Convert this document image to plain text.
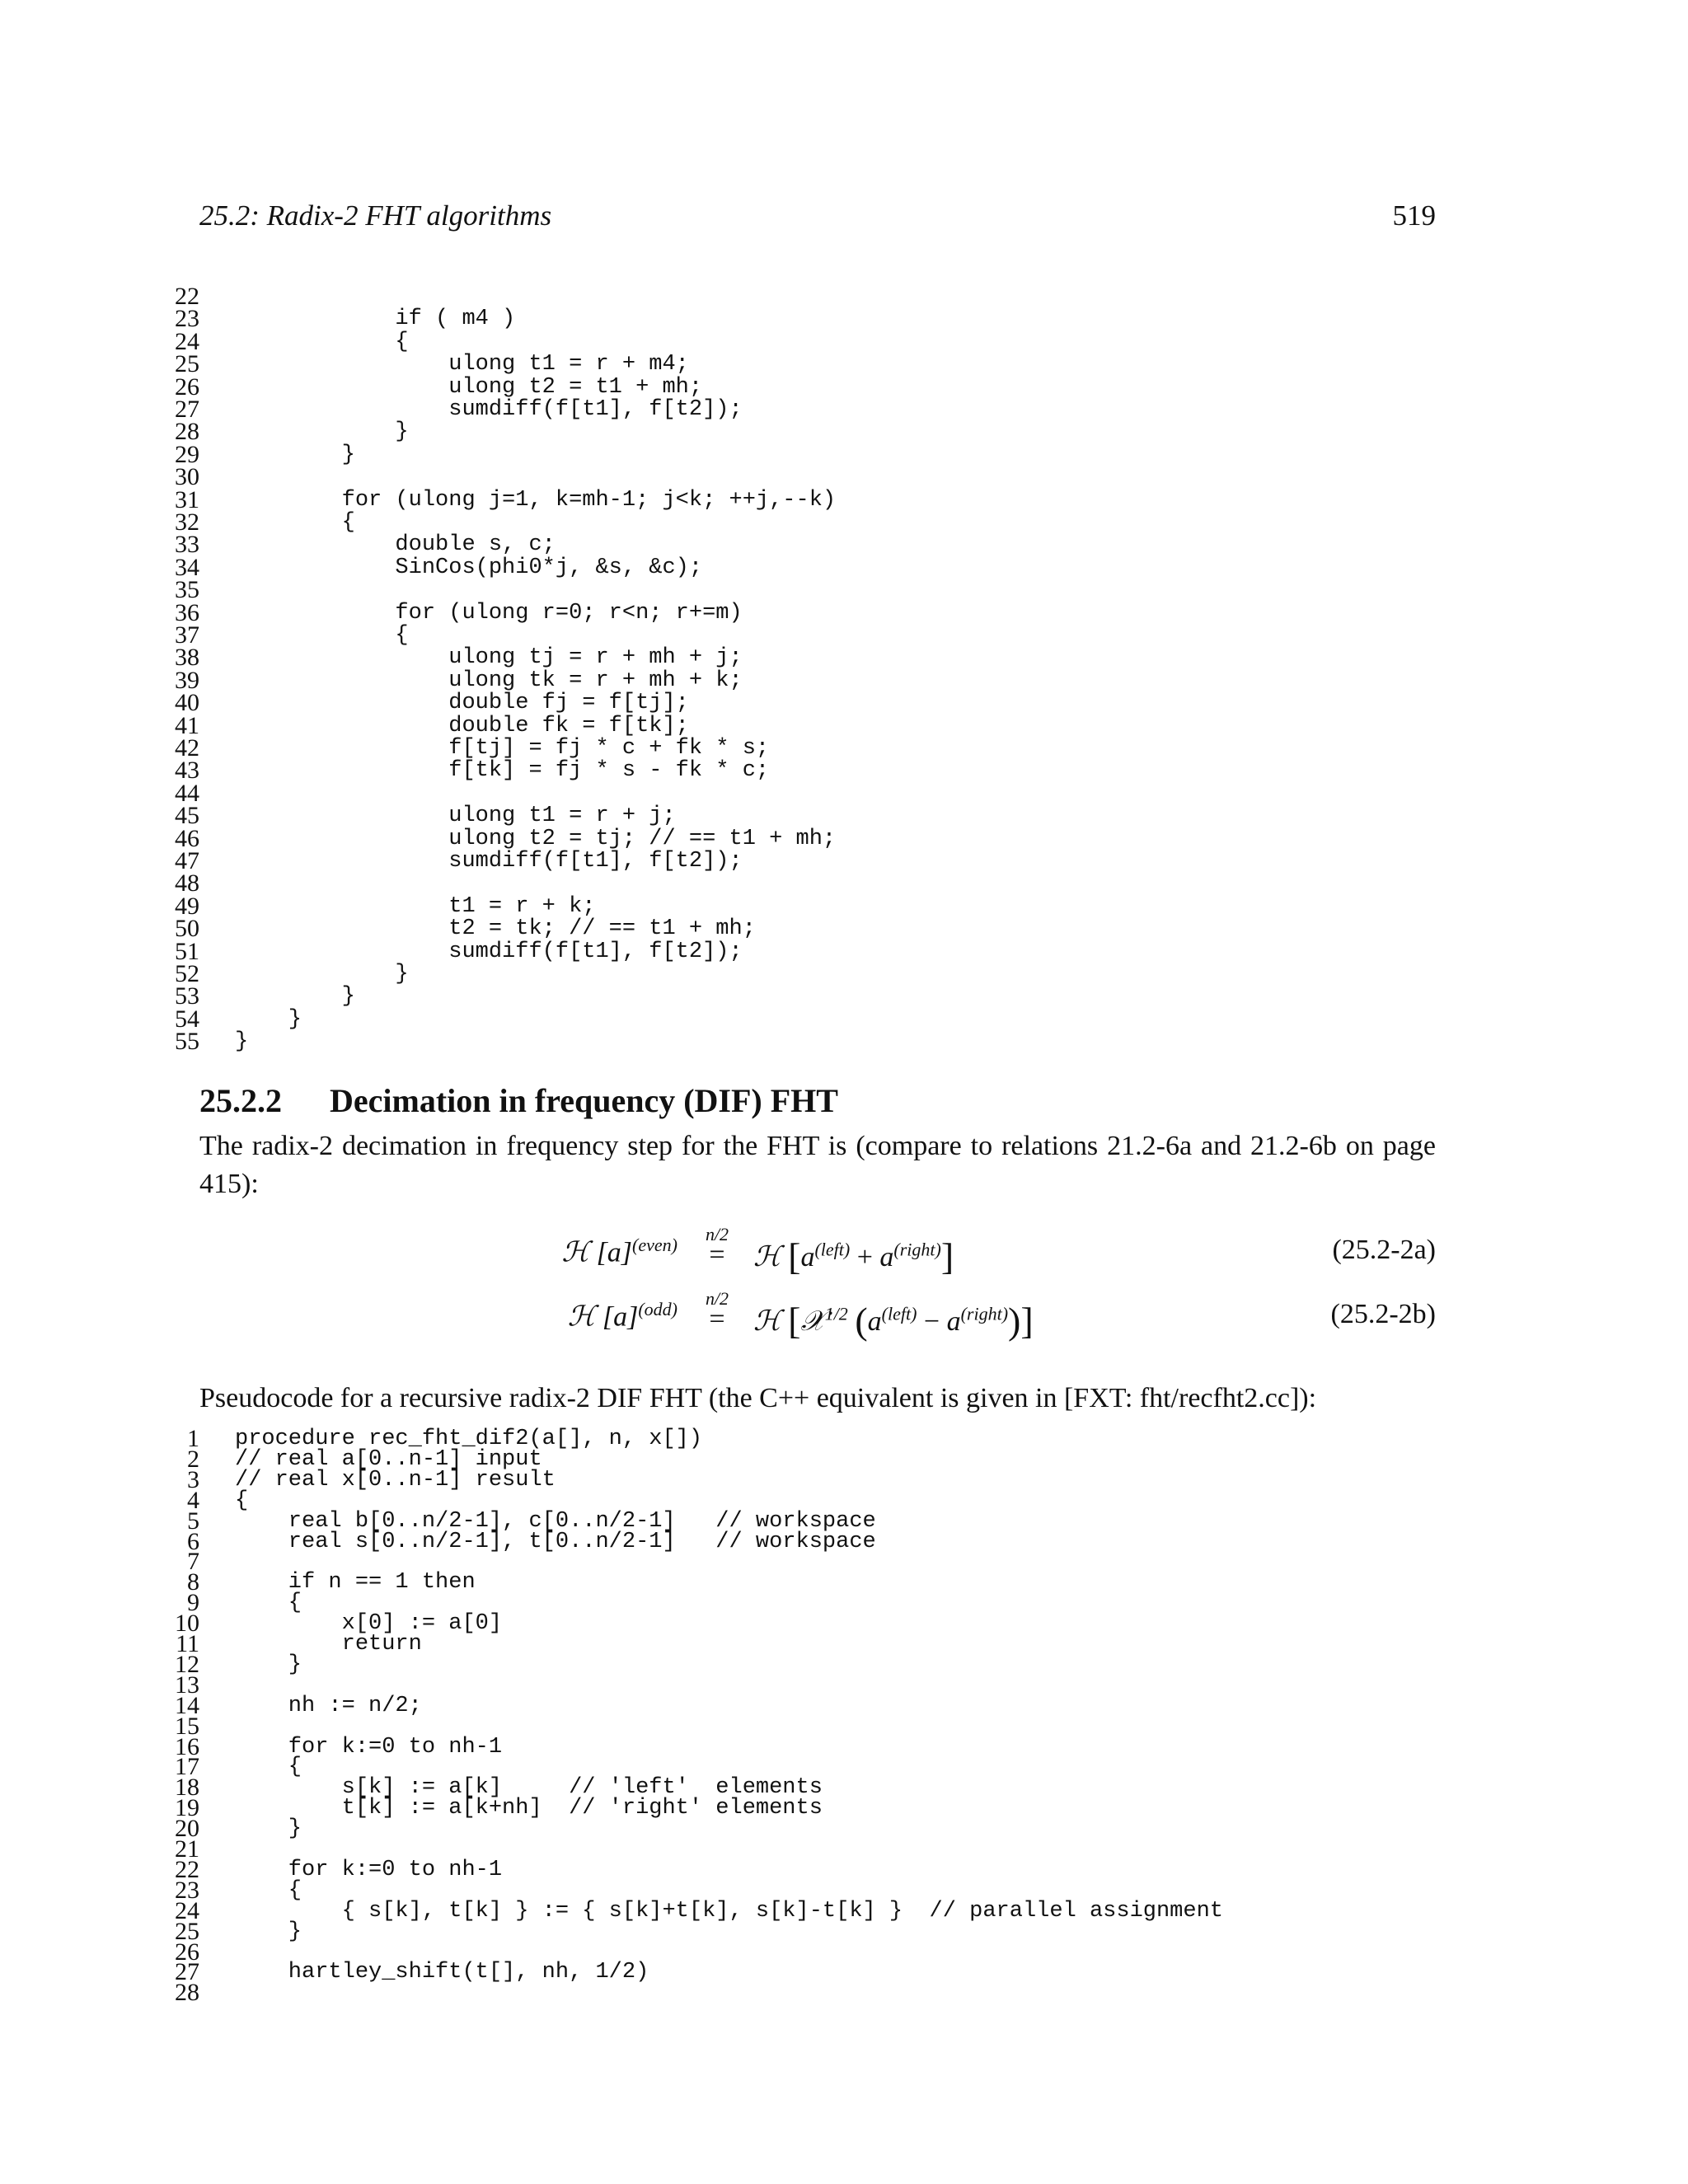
25.2: Radix-2 FHT algorithms	519
22
23 if ( m4 )
24 {
25 ulong t1 = r + m4;
26 ulong t2 = t1 + mh;
27 sumdiff(f[t1], f[t2]);
28 }
29 }
30
31 for (ulong j=1, k=mh-1; j<k; ++j,--k)
32 {
33 double s, c;
34 SinCos(phi0*j, &s, &c);
35
36 for (ulong r=0; r<n; r+=m)
37 {
38 ulong tj = r + mh + j;
39 ulong tk = r + mh + k;
40 double fj = f[tj];
41 double fk = f[tk];
42 f[tj] = fj * c + fk * s;
43 f[tk] = fj * s - fk * c;
44
45 ulong t1 = r + j;
46 ulong t2 = tj; // == t1 + mh;
47 sumdiff(f[t1], f[t2]);
48
49 t1 = r + k;
50 t2 = tk; // == t1 + mh;
51 sumdiff(f[t1], f[t2]);
52 }
53 }
54 }
55 }
25.2.2 Decimation in frequency (DIF) FHT
The radix-2 decimation in frequency step for the FHT is (compare to relations 21.2-6a and 21.2-6b on page 415):
ℋ $[a]^{(even)}$
n/2
=	ℋ $[a^{(left)} + a^{(right)}]$	(25.2-2a)
ℋ $[a]^{(odd)}$
n/2
=	ℋ [𝒳$^{1/2}$ $(a^{(left)} - a^{(right)})$]	(25.2-2b)
Pseudocode for a recursive radix-2 DIF FHT (the C++ equivalent is given in [FXT: fht/recfht2.cc]):
1 procedure rec_fht_dif2(a[], n, x[])
2 // real a[0..n-1] input
3 // real x[0..n-1] result
4 {
5 real b[0..n/2-1], c[0..n/2-1]   // workspace
6 real s[0..n/2-1], t[0..n/2-1]   // workspace
7
8 if n == 1 then
9 {
10 x[0] := a[0]
11 return
12 }
13
14 nh := n/2;
15
16 for k:=0 to nh-1
17 {
18 s[k] := a[k]     // 'left'  elements
19 t[k] := a[k+nh]  // 'right' elements
20 }
21
22 for k:=0 to nh-1
23 {
24 { s[k], t[k] } := { s[k]+t[k], s[k]-t[k] }  // parallel assignment
25 }
26
27 hartley_shift(t[], nh, 1/2)
28
